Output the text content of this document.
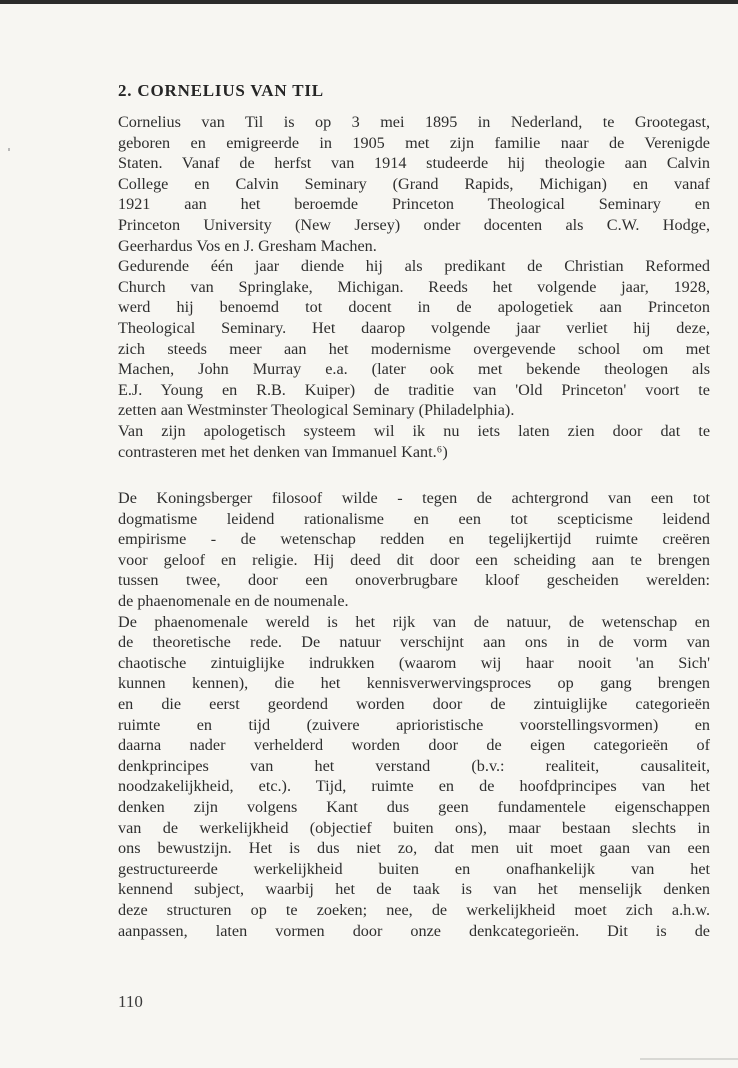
2. CORNELIUS VAN TIL

Cornelius van Til is op 3 mei 1895 in Nederland, te Grootegast,
geboren en emigreerde in 1905 met zijn familie naar de Verenigde
Staten. Vanaf de herfst van 1914 studeerde hij theologie aan Calvin
College en Calvin Seminary (Grand Rapids, Michigan) en vanaf
1921 aan het beroemde Princeton Theological Seminary en
Princeton University (New Jersey) onder docenten als C.W. Hodge,
Geerhardus Vos en J. Gresham Machen.

Gedurende één jaar diende hij als predikant de Christian Reformed
Church van Springlake, Michigan. Reeds het volgende jaar, 1928,
werd hij benoemd tot docent in de apologetiek aan Princeton
Theological Seminary. Het daarop volgende jaar verliet hij deze,
zich steeds meer aan het modernisme overgevende school om met
Machen, John Murray e.a. (later ook met bekende theologen als
E.J. Young en R.B. Kuiper) de traditie van 'Old Princeton' voort te
zetten aan Westminster Theological Seminary (Philadelphia).

Van zijn apologetisch systeem wil ik nu iets laten zien door dat te
contrasteren met het denken van Immanuel Kant.⁶)

De Koningsberger filosoof wilde - tegen de achtergrond van een tot
dogmatisme leidend rationalisme en een tot scepticisme leidend
empirisme - de wetenschap redden en tegelijkertijd ruimte creëren
voor geloof en religie. Hij deed dit door een scheiding aan te brengen
tussen twee, door een onoverbrugbare kloof gescheiden werelden:
de phaenomenale en de noumenale.

De phaenomenale wereld is het rijk van de natuur, de wetenschap en
de theoretische rede. De natuur verschijnt aan ons in de vorm van
chaotische zintuiglijke indrukken (waarom wij haar nooit 'an Sich'
kunnen kennen), die het kennisverwervingsproces op gang brengen
en die eerst geordend worden door de zintuiglijke categorieën
ruimte en tijd (zuivere aprioristische voorstellingsvormen) en
daarna nader verhelderd worden door de eigen categorieën of
denkprincipes van het verstand (b.v.: realiteit, causaliteit,
noodzakelijkheid, etc.). Tijd, ruimte en de hoofdprincipes van het
denken zijn volgens Kant dus geen fundamentele eigenschappen
van de werkelijkheid (objectief buiten ons), maar bestaan slechts in
ons bewustzijn. Het is dus niet zo, dat men uit moet gaan van een
gestructureerde werkelijkheid buiten en onafhankelijk van het
kennend subject, waarbij het de taak is van het menselijk denken
deze structuren op te zoeken; nee, de werkelijkheid moet zich a.h.w.
aanpassen, laten vormen door onze denkcategorieën. Dit is de

110
